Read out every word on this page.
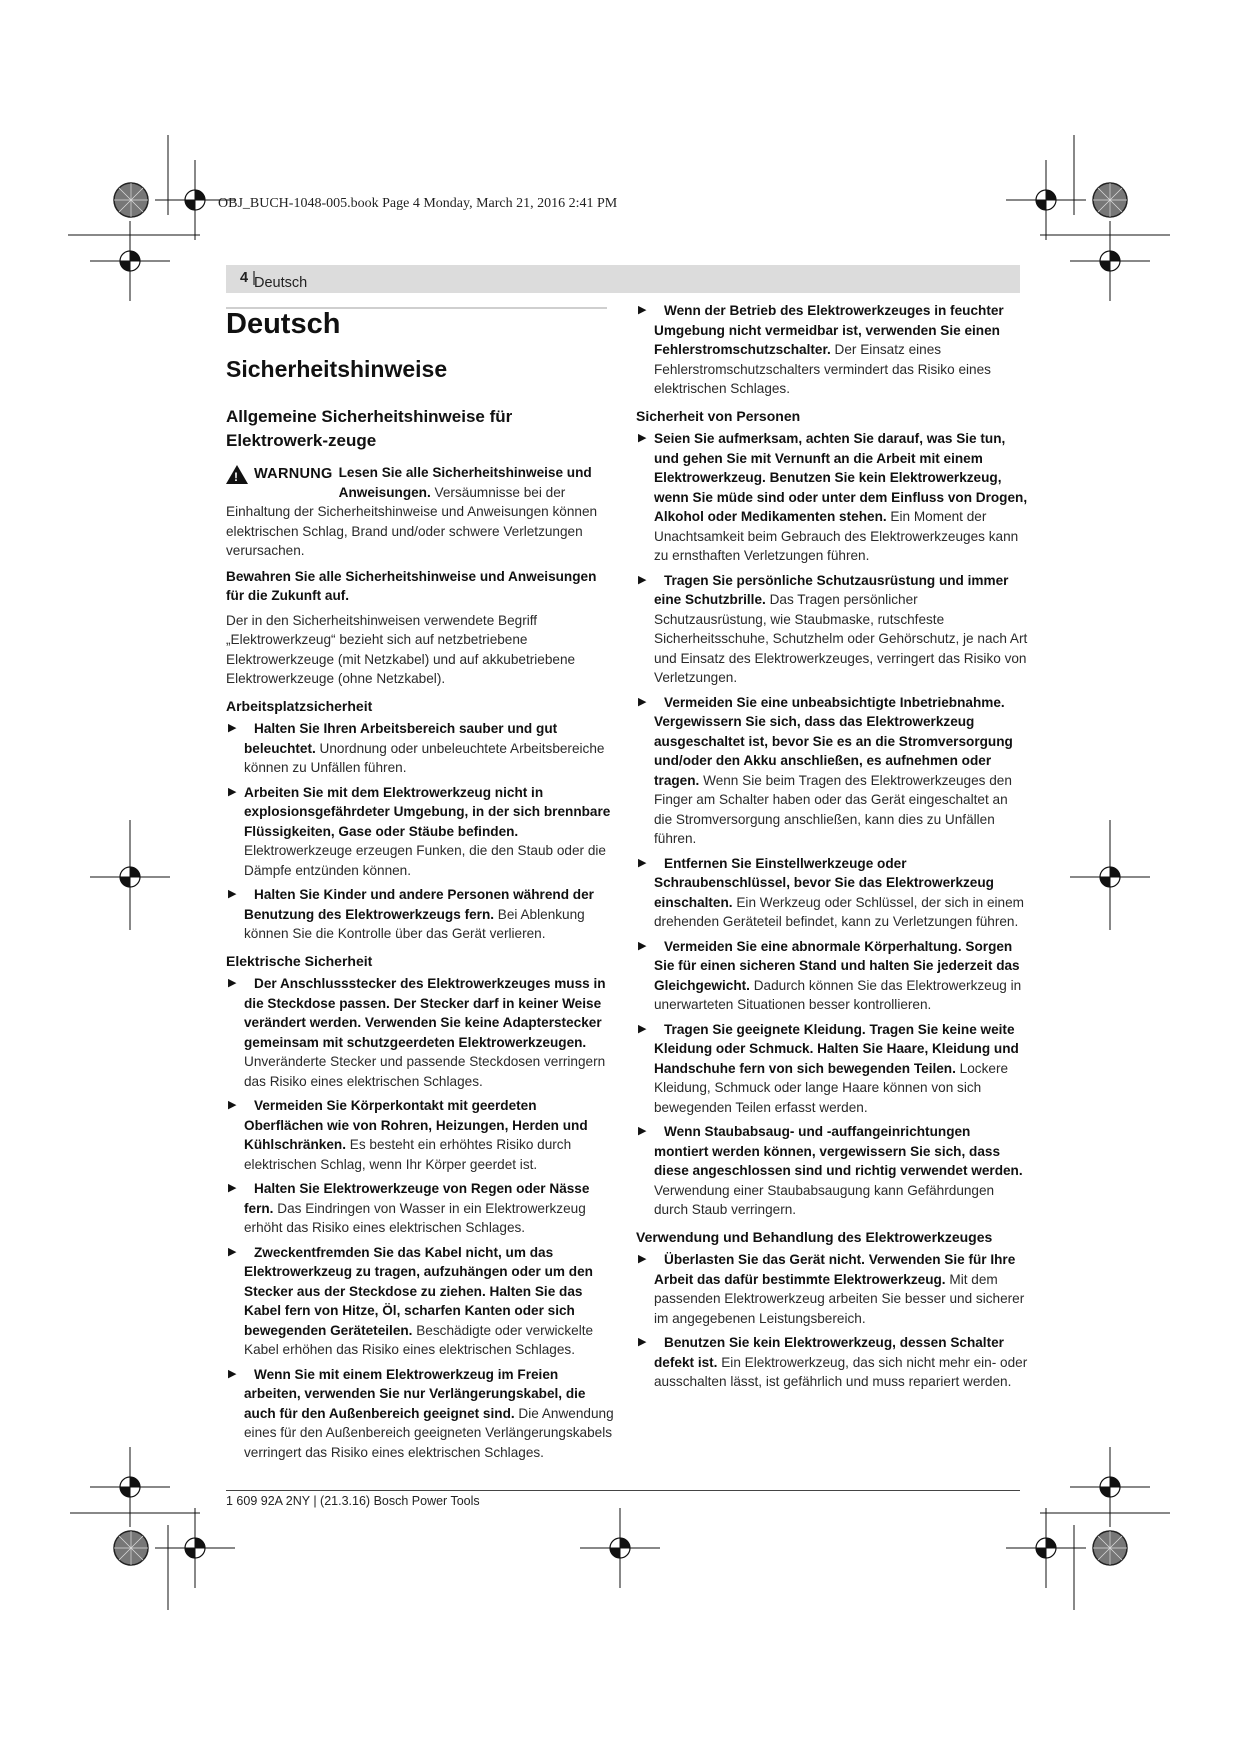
OBJ_BUCH-1048-005.book Page 4 Monday, March 21, 2016 2:41 PM
4 |
Deutsch
Deutsch
Sicherheitshinweise
Allgemeine Sicherheitshinweise für Elektrowerk-zeuge

!
WARNUNG Lesen Sie alle Sicherheitshinweise und Anweisungen. Versäumnisse bei der Einhaltung der Sicherheitshinweise und Anweisungen können elektrischen Schlag, Brand und/oder schwere Verletzungen verursachen.

Bewahren Sie alle Sicherheitshinweise und Anweisungen für die Zukunft auf.

Der in den Sicherheitshinweisen verwendete Begriff „Elektrowerkzeug“ bezieht sich auf netzbetriebene Elektrowerkzeuge (mit Netzkabel) und auf akkubetriebene Elektrowerkzeuge (ohne Netzkabel).

Arbeitsplatzsicherheit

▶ Halten Sie Ihren Arbeitsbereich sauber und gut beleuchtet. Unordnung oder unbeleuchtete Arbeitsbereiche können zu Unfällen führen.

▶ Arbeiten Sie mit dem Elektrowerkzeug nicht in explosionsgefährdeter Umgebung, in der sich brennbare Flüssigkeiten, Gase oder Stäube befinden. Elektrowerkzeuge erzeugen Funken, die den Staub oder die Dämpfe entzünden können.

▶ Halten Sie Kinder und andere Personen während der Benutzung des Elektrowerkzeugs fern. Bei Ablenkung können Sie die Kontrolle über das Gerät verlieren.

Elektrische Sicherheit

▶ Der Anschlussstecker des Elektrowerkzeuges muss in die Steckdose passen. Der Stecker darf in keiner Weise verändert werden. Verwenden Sie keine Adapterstecker gemeinsam mit schutzgeerdeten Elektrowerkzeugen. Unveränderte Stecker und passende Steckdosen verringern das Risiko eines elektrischen Schlages.

▶ Vermeiden Sie Körperkontakt mit geerdeten Oberflächen wie von Rohren, Heizungen, Herden und Kühlschränken. Es besteht ein erhöhtes Risiko durch elektrischen Schlag, wenn Ihr Körper geerdet ist.

▶ Halten Sie Elektrowerkzeuge von Regen oder Nässe fern. Das Eindringen von Wasser in ein Elektrowerkzeug erhöht das Risiko eines elektrischen Schlages.

▶ Zweckentfremden Sie das Kabel nicht, um das Elektrowerkzeug zu tragen, aufzuhängen oder um den Stecker aus der Steckdose zu ziehen. Halten Sie das Kabel fern von Hitze, Öl, scharfen Kanten oder sich bewegenden Geräteteilen. Beschädigte oder verwickelte Kabel erhöhen das Risiko eines elektrischen Schlages.

▶ Wenn Sie mit einem Elektrowerkzeug im Freien arbeiten, verwenden Sie nur Verlängerungskabel, die auch für den Außenbereich geeignet sind. Die Anwendung eines für den Außenbereich geeigneten Verlängerungskabels verringert das Risiko eines elektrischen Schlages.

▶ Wenn der Betrieb des Elektrowerkzeuges in feuchter Umgebung nicht vermeidbar ist, verwenden Sie einen Fehlerstromschutzschalter. Der Einsatz eines Fehlerstromschutzschalters vermindert das Risiko eines elektrischen Schlages.

Sicherheit von Personen

▶ Seien Sie aufmerksam, achten Sie darauf, was Sie tun, und gehen Sie mit Vernunft an die Arbeit mit einem Elektrowerkzeug. Benutzen Sie kein Elektrowerkzeug, wenn Sie müde sind oder unter dem Einfluss von Drogen, Alkohol oder Medikamenten stehen. Ein Moment der Unachtsamkeit beim Gebrauch des Elektrowerkzeuges kann zu ernsthaften Verletzungen führen.

▶ Tragen Sie persönliche Schutzausrüstung und immer eine Schutzbrille. Das Tragen persönlicher Schutzausrüstung, wie Staubmaske, rutschfeste Sicherheitsschuhe, Schutzhelm oder Gehörschutz, je nach Art und Einsatz des Elektrowerkzeuges, verringert das Risiko von Verletzungen.

▶ Vermeiden Sie eine unbeabsichtigte Inbetriebnahme. Vergewissern Sie sich, dass das Elektrowerkzeug ausgeschaltet ist, bevor Sie es an die Stromversorgung und/oder den Akku anschließen, es aufnehmen oder tragen. Wenn Sie beim Tragen des Elektrowerkzeuges den Finger am Schalter haben oder das Gerät eingeschaltet an die Stromversorgung anschließen, kann dies zu Unfällen führen.

▶ Entfernen Sie Einstellwerkzeuge oder Schraubenschlüssel, bevor Sie das Elektrowerkzeug einschalten. Ein Werkzeug oder Schlüssel, der sich in einem drehenden Geräteteil befindet, kann zu Verletzungen führen.

▶ Vermeiden Sie eine abnormale Körperhaltung. Sorgen Sie für einen sicheren Stand und halten Sie jederzeit das Gleichgewicht. Dadurch können Sie das Elektrowerkzeug in unerwarteten Situationen besser kontrollieren.

▶ Tragen Sie geeignete Kleidung. Tragen Sie keine weite Kleidung oder Schmuck. Halten Sie Haare, Kleidung und Handschuhe fern von sich bewegenden Teilen. Lockere Kleidung, Schmuck oder lange Haare können von sich bewegenden Teilen erfasst werden.

▶ Wenn Staubabsaug- und -auffangeinrichtungen montiert werden können, vergewissern Sie sich, dass diese angeschlossen sind und richtig verwendet werden. Verwendung einer Staubabsaugung kann Gefährdungen durch Staub verringern.

Verwendung und Behandlung des Elektrowerkzeuges

▶ Überlasten Sie das Gerät nicht. Verwenden Sie für Ihre Arbeit das dafür bestimmte Elektrowerkzeug. Mit dem passenden Elektrowerkzeug arbeiten Sie besser und sicherer im angegebenen Leistungsbereich.

▶ Benutzen Sie kein Elektrowerkzeug, dessen Schalter defekt ist. Ein Elektrowerkzeug, das sich nicht mehr ein- oder ausschalten lässt, ist gefährlich und muss repariert werden.

1 609 92A 2NY | (21.3.16) Bosch Power Tools
